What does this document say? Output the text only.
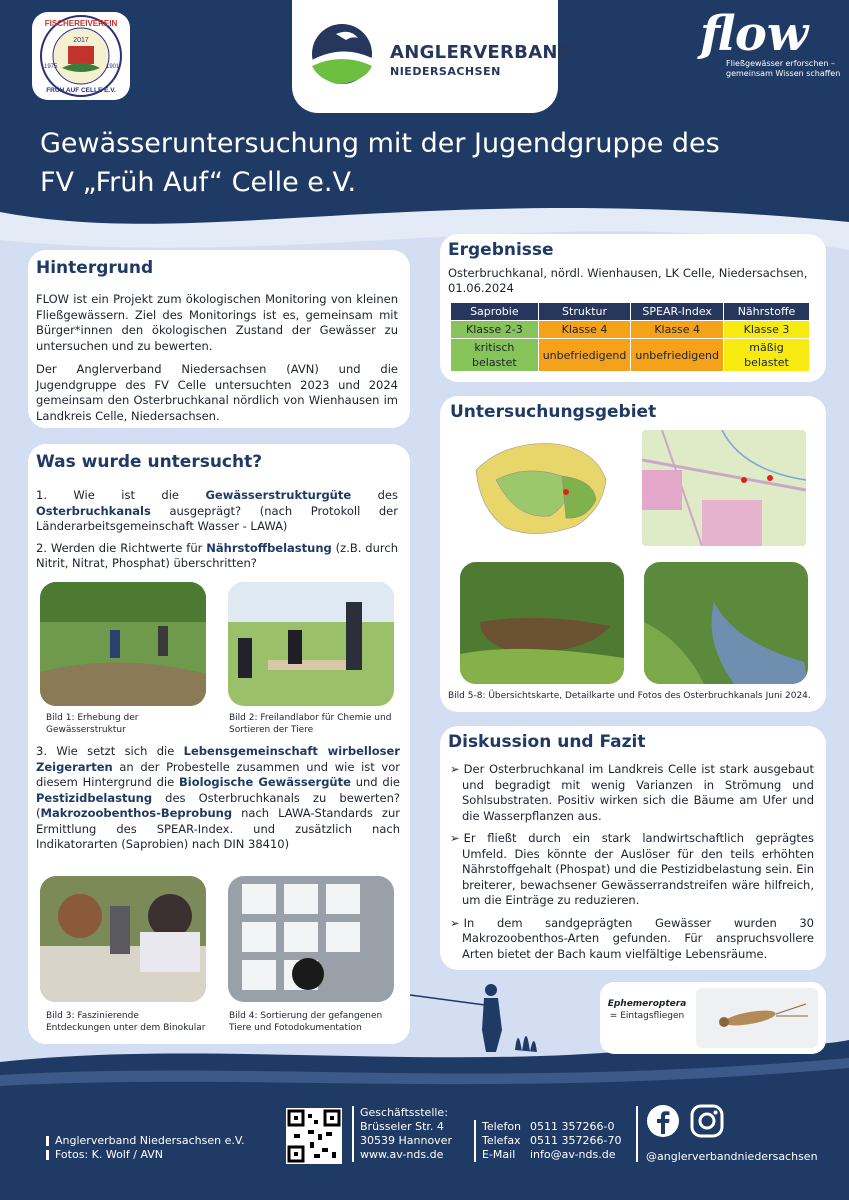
FISCHEREIVEREIN
2017
1975	1901
FRÜH AUF CELLE E.V.
ANGLERVERBAND
NIEDERSACHSEN
flow
Fließgewässer erforschen –
gemeinsam Wissen schaffen
Gewässeruntersuchung mit der Jugendgruppe des
FV „Früh Auf“ Celle e.V.
Hintergrund

FLOW ist ein Projekt zum ökologischen Monitoring von kleinen Fließgewässern. Ziel des Monitorings ist es, gemeinsam mit Bürger*innen den ökologischen Zustand der Gewässer zu untersuchen und zu bewerten.

Der Anglerverband Niedersachsen (AVN) und die Jugendgruppe des FV Celle untersuchten 2023 und 2024 gemeinsam den Osterbruchkanal nördlich von Wienhausen im Landkreis Celle, Niedersachsen.

Was wurde untersucht?

1. Wie ist die Gewässerstrukturgüte des Osterbruchkanals ausgeprägt? (nach Protokoll der Länderarbeitsgemeinschaft Wasser - LAWA)

2. Werden die Richtwerte für Nährstoffbelastung (z.B. durch Nitrit, Nitrat, Phosphat) überschritten?

Bild 1: Erhebung der Gewässerstruktur
Bild 2: Freilandlabor für Chemie und Sortieren der Tiere
3. Wie setzt sich die Lebensgemeinschaft wirbelloser Zeigerarten an der Probestelle zusammen und wie ist vor diesem Hintergrund die Biologische Gewässergüte und die Pestizidbelastung des Osterbruchkanals zu bewerten? (Makrozoobenthos-Beprobung nach LAWA-Standards zur Ermittlung des SPEAR-Index. und zusätzlich nach Indikatorarten (Saprobien) nach DIN 38410)
Bild 3: Faszinierende Entdeckungen unter dem Binokular
Bild 4: Sortierung der gefangenen Tiere und Fotodokumentation
Ergebnisse
Osterbruchkanal, nördl. Wienhausen, LK Celle, Niedersachsen, 01.06.2024
Saprobie	Struktur	SPEAR-Index	Nährstoffe
Klasse 2-3	Klasse 4	Klasse 4	Klasse 3
kritisch belastet	unbefriedigend	unbefriedigend	mäßig belastet
Untersuchungsgebiet
Bild 5-8: Übersichtskarte, Detailkarte und Fotos des Osterbruchkanals Juni 2024.
Diskussion und Fazit
➢ Der Osterbruchkanal im Landkreis Celle ist stark ausgebaut und begradigt mit wenig Varianzen in Strömung und Sohlsubstraten. Positiv wirken sich die Bäume am Ufer und die Wasserpflanzen aus.
➢ Er fließt durch ein stark landwirtschaftlich geprägtes Umfeld. Dies könnte der Auslöser für den teils erhöhten Nährstoffgehalt (Phospat) und die Pestizidbelastung sein. Ein breiterer, bewachsener Gewässerrandstreifen wäre hilfreich, um die Einträge zu reduzieren.
➢ In dem sandgeprägten Gewässer wurden 30 Makrozoobenthos-Arten gefunden. Für anspruchsvollere Arten bietet der Bach kaum vielfältige Lebensräume.
Ephemeroptera
= Eintagsfliegen
Anglerverband Niedersachsen e.V.
Fotos: K. Wolf / AVN
Geschäftsstelle:
Brüsseler Str. 4
30539 Hannover
www.av-nds.de
Telefon 0511 357266-0
Telefax 0511 357266-70
E-Mail info@av-nds.de	@anglerverbandniedersachsen
